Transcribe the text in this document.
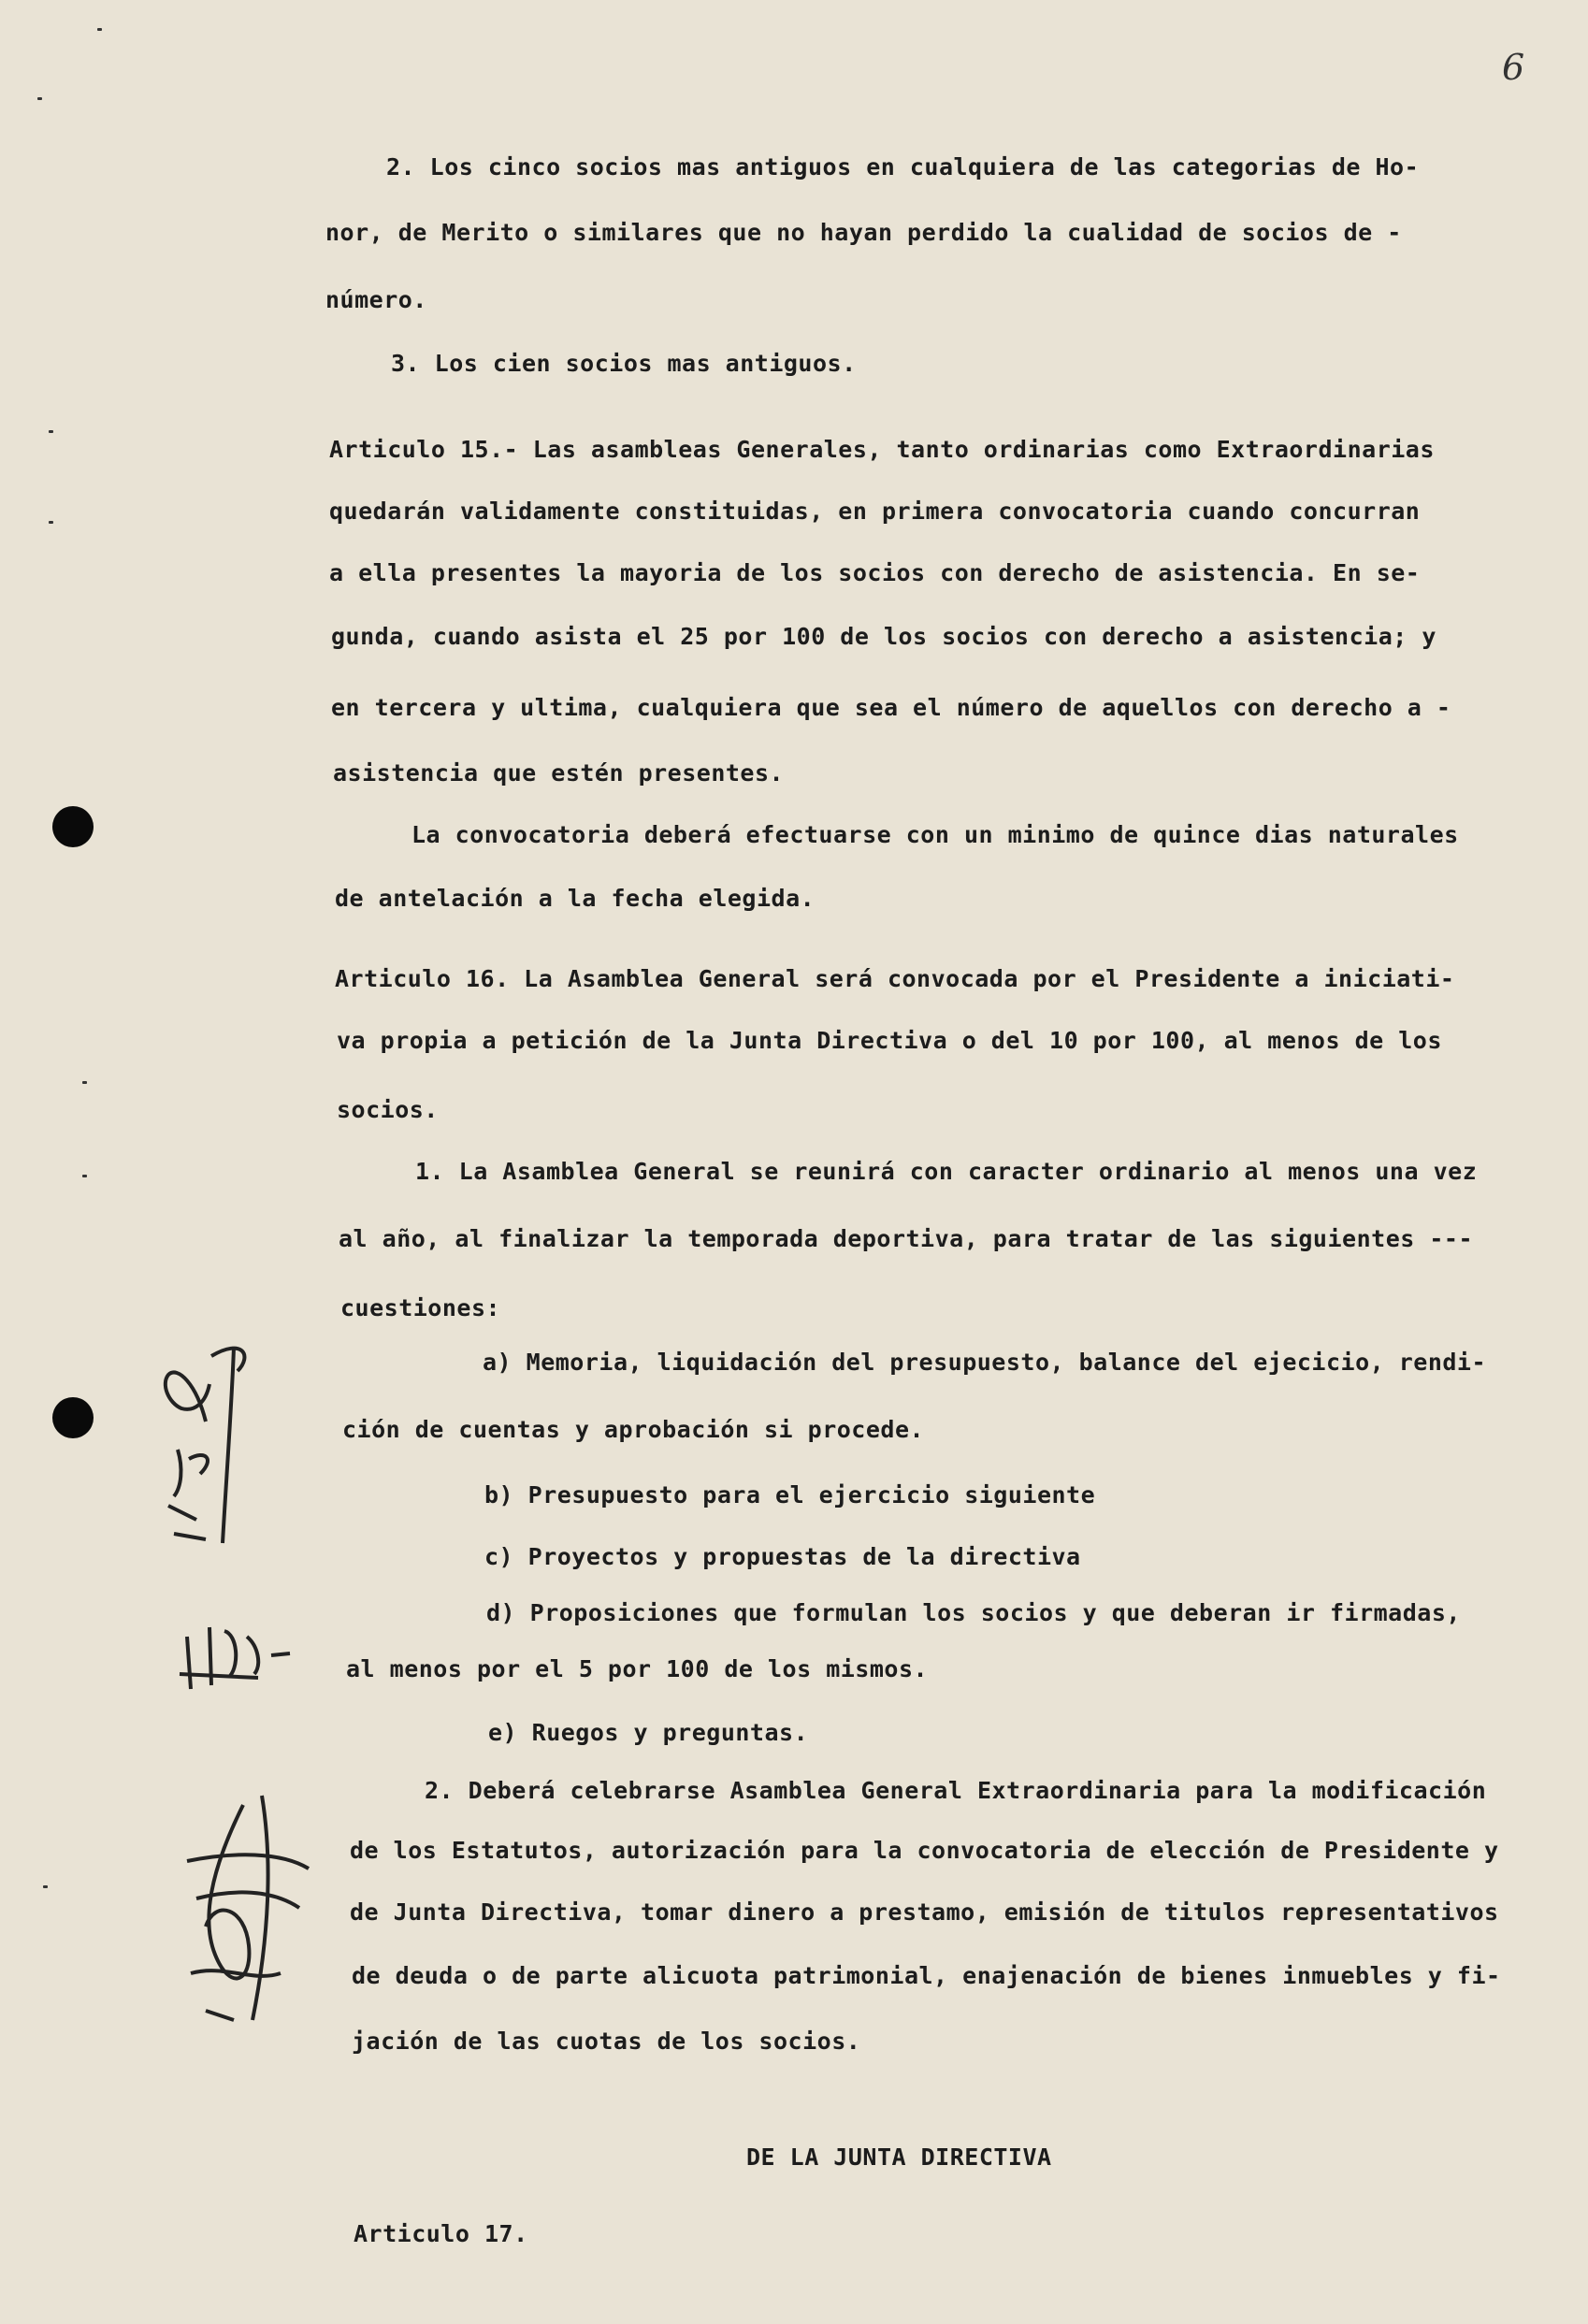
6
2. Los cinco socios mas antiguos en cualquiera de las categorias de Ho-
nor, de Merito o similares que no hayan perdido la cualidad de socios de -
número.
3. Los cien socios mas antiguos.
Articulo 15.- Las asambleas Generales, tanto ordinarias como Extraordinarias
quedarán validamente constituidas, en primera convocatoria cuando concurran
a ella presentes la mayoria de los socios con derecho de asistencia. En se-
gunda, cuando asista el 25 por 100 de los socios con derecho a asistencia; y
en tercera y ultima, cualquiera que sea el número de aquellos con derecho a -
asistencia que estén presentes.
La convocatoria deberá efectuarse con un minimo de quince dias naturales
de antelación a la fecha elegida.
Articulo 16. La Asamblea General será convocada por el Presidente a iniciati-
va propia a petición de la Junta Directiva o del 10 por 100, al menos de los
socios.
1. La Asamblea General se reunirá con caracter ordinario al menos una vez
al año, al finalizar la temporada deportiva, para tratar de las siguientes ---
cuestiones:
a) Memoria, liquidación del presupuesto, balance del ejecicio, rendi-
ción de cuentas y aprobación si procede.
b) Presupuesto para el ejercicio siguiente
c) Proyectos y propuestas de la directiva
d) Proposiciones que formulan los socios y que deberan ir firmadas,
al menos por el 5 por 100 de los mismos.
e) Ruegos y preguntas.
2. Deberá celebrarse Asamblea General Extraordinaria para la modificación
de los Estatutos, autorización para la convocatoria de elección de Presidente y
de Junta Directiva, tomar dinero a prestamo, emisión de titulos representativos
de deuda o de parte alicuota patrimonial, enajenación de bienes inmuebles y fi-
jación de las cuotas de los socios.
DE LA JUNTA DIRECTIVA
Articulo 17.
